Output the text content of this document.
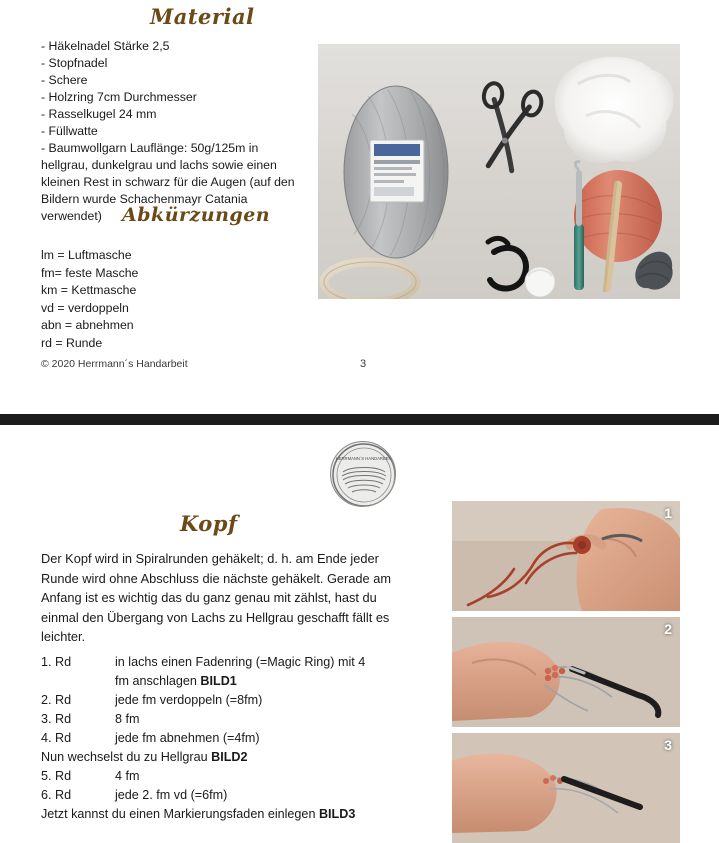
Material
- Häkelnadel Stärke 2,5
- Stopfnadel
- Schere
- Holzring 7cm Durchmesser
- Rasselkugel 24 mm
- Füllwatte
- Baumwollgarn Lauflänge: 50g/125m in hellgrau, dunkelgrau und lachs sowie einen kleinen Rest in schwarz für die Augen (auf den Bildern wurde Schachenmayr Catania verwendet)	Abkürzungen
lm = Luftmasche
fm= feste Masche
km = Kettmasche
vd = verdoppeln
abn = abnehmen
rd = Runde
© 2020 Herrmann´s Handarbeit	3
HERRMANN´S HANDARBEIT
Kopf
Der Kopf wird in Spiralrunden gehäkelt; d. h. am Ende jeder Runde wird ohne Abschluss die nächste gehäkelt. Gerade am Anfang ist es wichtig das du ganz genau mit zählst, hast du einmal den Übergang von Lachs zu Hellgrau geschafft fällt es leichter.
1. Rd	in lachs einen Fadenring (=Magic Ring) mit 4
fm anschlagen BILD1
2. Rd	jede fm verdoppeln (=8fm)
3. Rd	8 fm
4. Rd	jede fm abnehmen (=4fm)
Nun wechselst du zu Hellgrau BILD2
5. Rd	4 fm
6. Rd	jede 2. fm vd (=6fm)
Jetzt kannst du einen Markierungsfaden einlegen BILD3
1
2
3
